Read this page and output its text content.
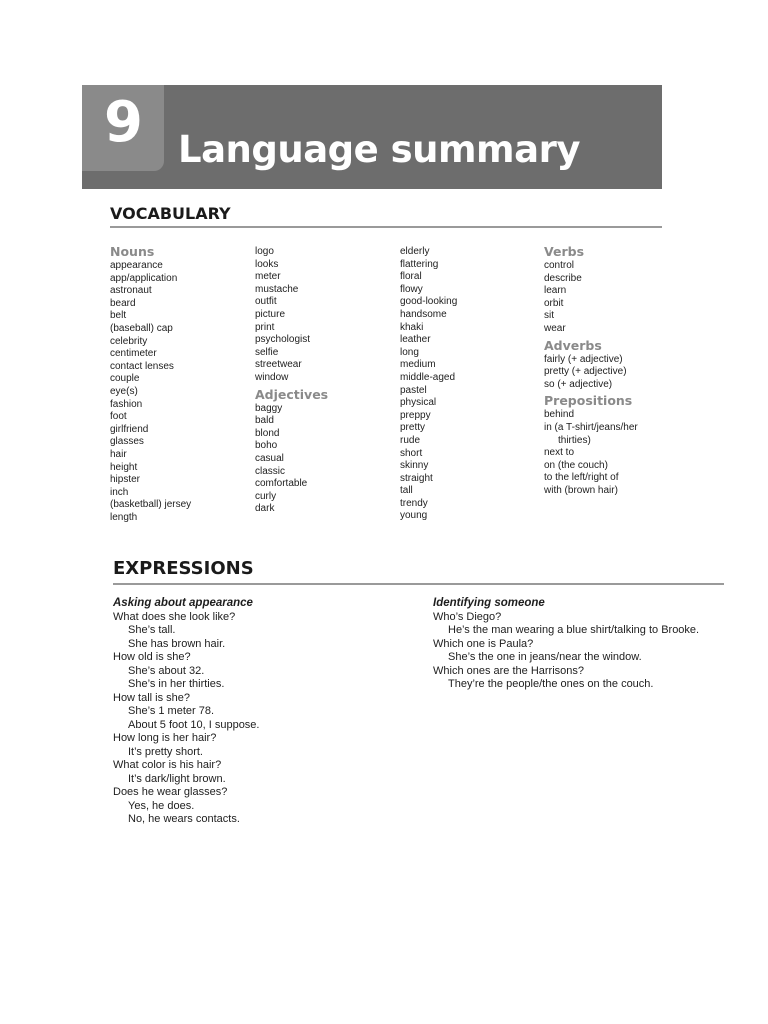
9 Language summary
VOCABULARY
Nouns
appearance
app/application
astronaut
beard
belt
(baseball) cap
celebrity
centimeter
contact lenses
couple
eye(s)
fashion
foot
girlfriend
glasses
hair
height
hipster
inch
(basketball) jersey
length
logo
looks
meter
mustache
outfit
picture
print
psychologist
selfie
streetwear
window
Adjectives
baggy
bald
blond
boho
casual
classic
comfortable
curly
dark
elderly
flattering
floral
flowy
good-looking
handsome
khaki
leather
long
medium
middle-aged
pastel
physical
preppy
pretty
rude
short
skinny
straight
tall
trendy
young
Verbs
control
describe
learn
orbit
sit
wear
Adverbs
fairly (+ adjective)
pretty (+ adjective)
so (+ adjective)
Prepositions
behind
in (a T-shirt/jeans/her
thirties)
next to
on (the couch)
to the left/right of
with (brown hair)
EXPRESSIONS
Asking about appearance
What does she look like?
She’s tall.
She has brown hair.
How old is she?
She’s about 32.
She’s in her thirties.
How tall is she?
She’s 1 meter 78.
About 5 foot 10, I suppose.
How long is her hair?
It’s pretty short.
What color is his hair?
It’s dark/light brown.
Does he wear glasses?
Yes, he does.
No, he wears contacts.
Identifying someone
Who’s Diego?
He’s the man wearing a blue shirt/talking to Brooke.
Which one is Paula?
She’s the one in jeans/near the window.
Which ones are the Harrisons?
They’re the people/the ones on the couch.
